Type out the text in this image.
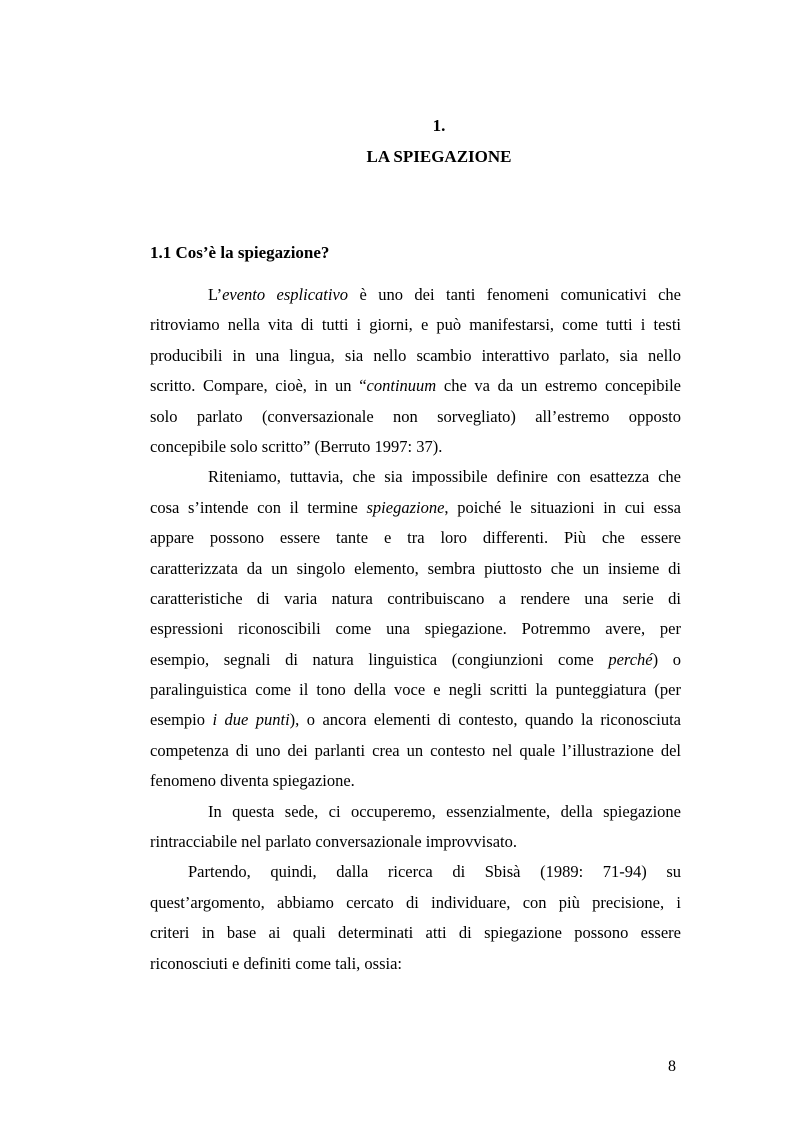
1.
LA SPIEGAZIONE
1.1 Cos’è la spiegazione?
L’evento esplicativo è uno dei tanti fenomeni comunicativi che
ritroviamo nella vita di tutti i giorni, e può manifestarsi, come tutti i testi
producibili in una lingua, sia nello scambio interattivo parlato, sia nello
scritto. Compare, cioè, in un “continuum che va da un estremo concepibile
solo parlato (conversazionale non sorvegliato) all’estremo opposto
concepibile solo scritto” (Berruto 1997: 37).
Riteniamo, tuttavia, che sia impossibile definire con esattezza che
cosa s’intende con il termine spiegazione, poiché le situazioni in cui essa
appare possono essere tante e tra loro differenti. Più che essere
caratterizzata da un singolo elemento, sembra piuttosto che un insieme di
caratteristiche di varia natura contribuiscano a rendere una serie di
espressioni riconoscibili come una spiegazione. Potremmo avere, per
esempio, segnali di natura linguistica (congiunzioni come perché) o
paralinguistica come il tono della voce e negli scritti la punteggiatura (per
esempio i due punti), o ancora elementi di contesto, quando la riconosciuta
competenza di uno dei parlanti crea un contesto nel quale l’illustrazione del
fenomeno diventa spiegazione.
In questa sede, ci occuperemo, essenzialmente, della spiegazione
rintracciabile nel parlato conversazionale improvvisato.
Partendo, quindi, dalla ricerca di Sbisà (1989: 71-94) su
quest’argomento, abbiamo cercato di individuare, con più precisione, i
criteri in base ai quali determinati atti di spiegazione possono essere
riconosciuti e definiti come tali, ossia:
8
